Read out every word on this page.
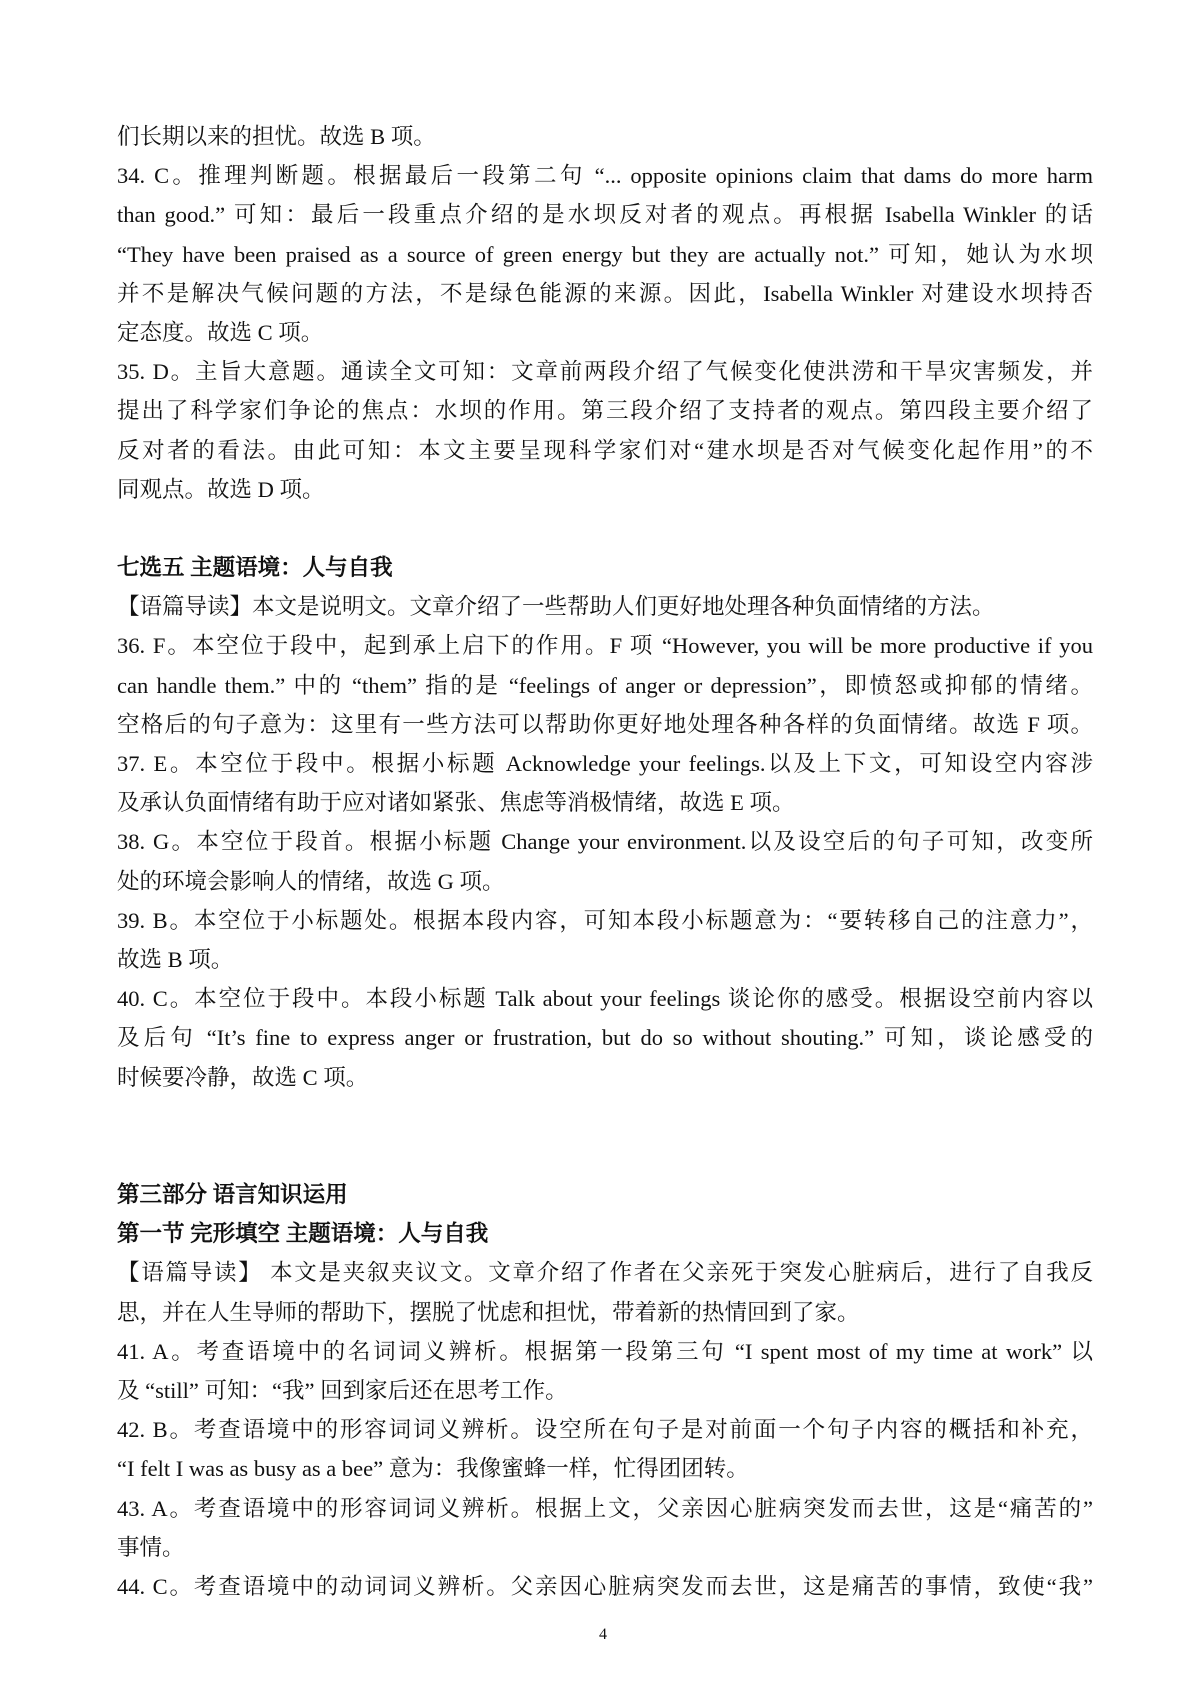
们长期以来的担忧。故选 B 项。
34. C。推理判断题。根据最后一段第二句 “... opposite opinions claim that dams do more harm
than good.” 可知：最后一段重点介绍的是水坝反对者的观点。再根据 Isabella Winkler 的话
“They have been praised as a source of green energy but they are actually not.” 可知，她认为水坝
并不是解决气候问题的方法，不是绿色能源的来源。因此，Isabella Winkler 对建设水坝持否
定态度。故选 C 项。
35. D。主旨大意题。通读全文可知：文章前两段介绍了气候变化使洪涝和干旱灾害频发，并
提出了科学家们争论的焦点：水坝的作用。第三段介绍了支持者的观点。第四段主要介绍了
反对者的看法。由此可知：本文主要呈现科学家们对“建水坝是否对气候变化起作用”的不
同观点。故选 D 项。
七选五 主题语境：人与自我
【语篇导读】本文是说明文。文章介绍了一些帮助人们更好地处理各种负面情绪的方法。
36. F。本空位于段中，起到承上启下的作用。F 项 “However, you will be more productive if you
can handle them.” 中的 “them” 指的是 “feelings of anger or depression”，即愤怒或抑郁的情绪。
空格后的句子意为：这里有一些方法可以帮助你更好地处理各种各样的负面情绪。故选 F 项。
37. E。本空位于段中。根据小标题 Acknowledge your feelings.以及上下文，可知设空内容涉
及承认负面情绪有助于应对诸如紧张、焦虑等消极情绪，故选 E 项。
38. G。本空位于段首。根据小标题 Change your environment.以及设空后的句子可知，改变所
处的环境会影响人的情绪，故选 G 项。
39. B。本空位于小标题处。根据本段内容，可知本段小标题意为：“要转移自己的注意力”，
故选 B 项。
40. C。本空位于段中。本段小标题 Talk about your feelings 谈论你的感受。根据设空前内容以
及后句 “It’s fine to express anger or frustration, but do so without shouting.” 可知，谈论感受的
时候要冷静，故选 C 项。
第三部分 语言知识运用
第一节 完形填空 主题语境：人与自我
【语篇导读】 本文是夹叙夹议文。文章介绍了作者在父亲死于突发心脏病后，进行了自我反
思，并在人生导师的帮助下，摆脱了忧虑和担忧，带着新的热情回到了家。
41. A。考查语境中的名词词义辨析。根据第一段第三句 “I spent most of my time at work” 以
及 “still” 可知：“我” 回到家后还在思考工作。
42. B。考查语境中的形容词词义辨析。设空所在句子是对前面一个句子内容的概括和补充，
“I felt I was as busy as a bee” 意为：我像蜜蜂一样，忙得团团转。
43. A。考查语境中的形容词词义辨析。根据上文，父亲因心脏病突发而去世，这是“痛苦的”
事情。
44. C。考查语境中的动词词义辨析。父亲因心脏病突发而去世，这是痛苦的事情，致使“我”
4
